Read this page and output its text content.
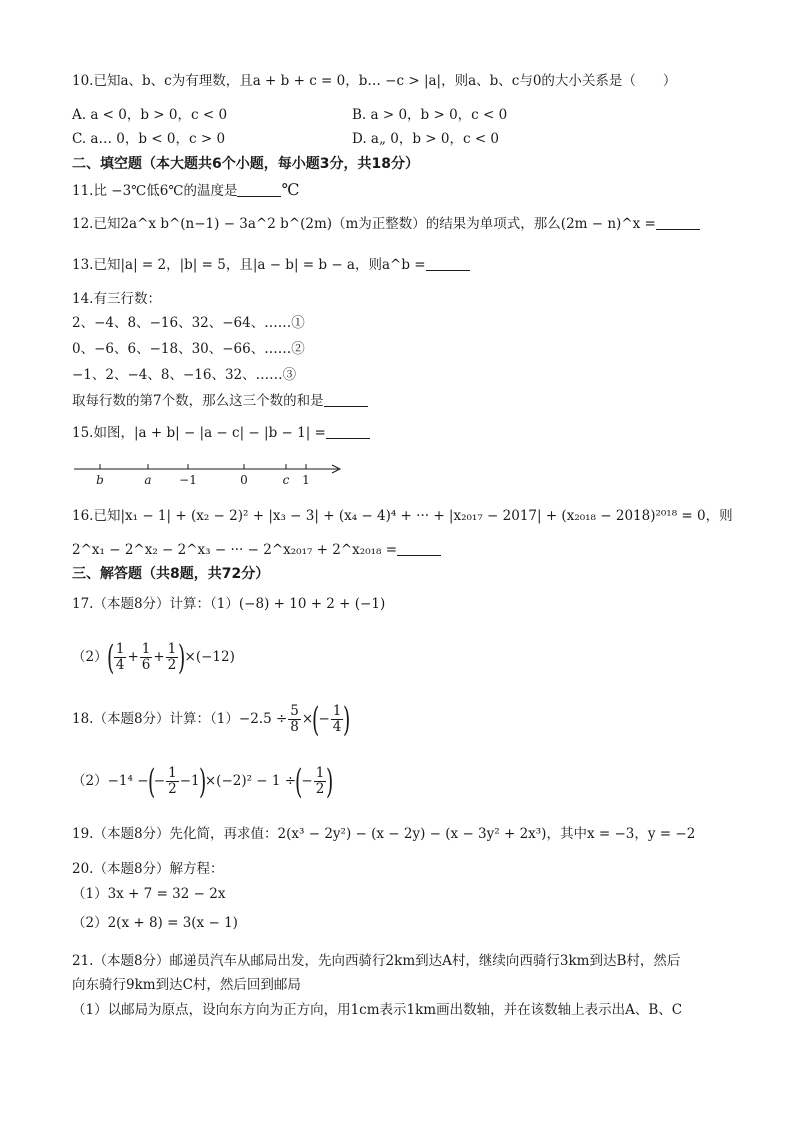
10.已知a、b、c为有理数，且a + b + c = 0，b… −c > |a|，则a、b、c与0的大小关系是（　　）
A. a < 0，b > 0，c < 0	B. a > 0，b > 0，c < 0
C. a… 0，b < 0，c > 0	D. a„ 0，b > 0，c < 0
二、填空题（本大题共6个小题，每小题3分，共18分）
11.比 −3℃低6℃的温度是	℃
12.已知2a^x b^(n−1) − 3a^2 b^(2m)（m为正整数）的结果为单项式，那么(2m − n)^x =
13.已知|a| = 2，|b| = 5，且|a − b| = b − a，则a^b =
14.有三行数：
2、−4、8、−16、32、−64、……①
0、−6、6、−18、30、−66、……②
−1、2、−4、8、−16、32、……③
取每行数的第7个数，那么这三个数的和是
15.如图，|a + b| − |a − c| − |b − 1| =
b	a −1	0	c 1
16.已知|x₁ − 1| + (x₂ − 2)² + |x₃ − 3| + (x₄ − 4)⁴ + ··· + |x₂₀₁₇ − 2017| + (x₂₀₁₈ − 2018)²⁰¹⁸ = 0，则
2^x₁ − 2^x₂ − 2^x₃ − ··· − 2^x₂₀₁₇ + 2^x₂₀₁₈ =
三、解答题（共8题，共72分）
17.（本题8分）计算：（1）(−8) + 10 + 2 + (−1)
$(2)( \frac{1}{4} + \frac{1}{6} + \frac{1}{2} )\times(-12)$
18.（本题8分）计算：$(1)-2.5 \div \frac{5}{8}$ ×(− $\frac{1}{4}$ )
（2）−1⁴ −(− $\frac{1}{2} -1)\times(-2)^2 - 1$ ÷(− $\frac{1}{2}$ )
19.（本题8分）先化简，再求值：2(x³ − 2y²) − (x − 2y) − (x − 3y² + 2x³)，其中x = −3，y = −2
20.（本题8分）解方程：
（1）3x + 7 = 32 − 2x
（2）2(x + 8) = 3(x − 1)
21.（本题8分）邮递员汽车从邮局出发，先向西骑行2km到达A村，继续向西骑行3km到达B村，然后
向东骑行9km到达C村，然后回到邮局
（1）以邮局为原点，设向东方向为正方向，用1cm表示1km画出数轴，并在该数轴上表示出A、B、C
